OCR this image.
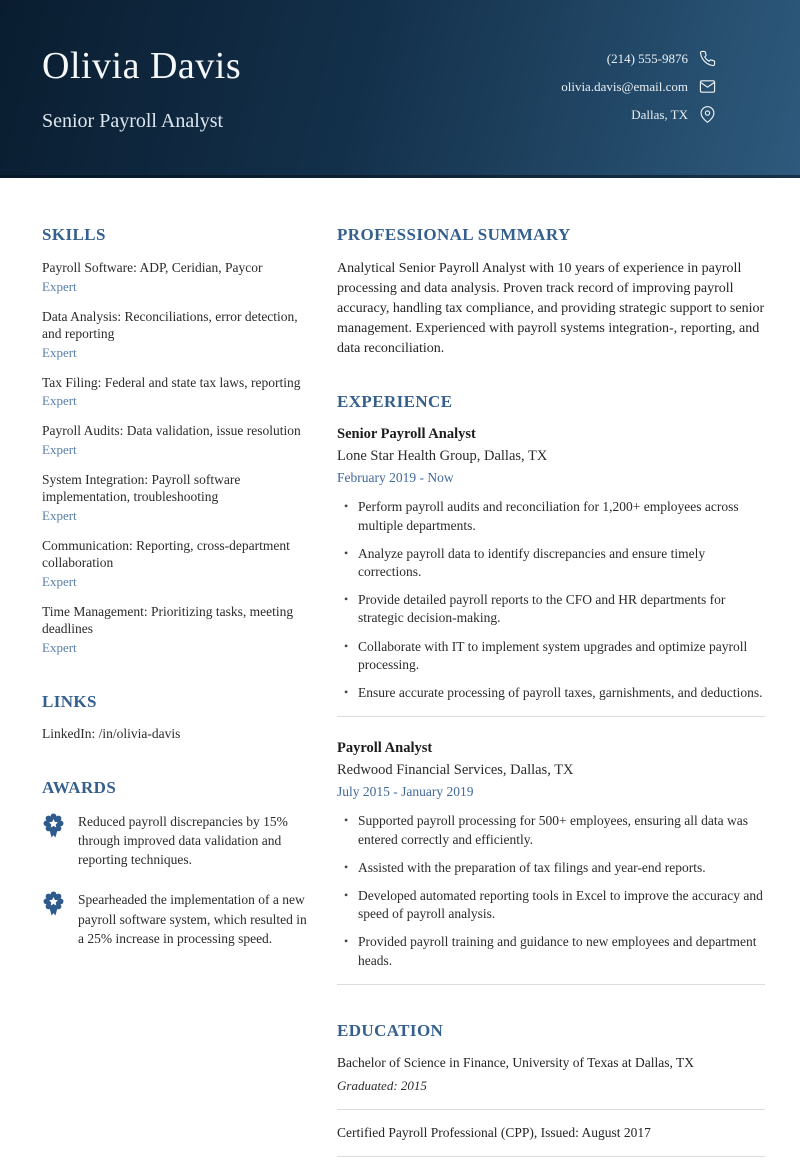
Olivia Davis
Senior Payroll Analyst
(214) 555-9876
olivia.davis@email.com
Dallas, TX
SKILLS
Payroll Software: ADP, Ceridian, Paycor
Expert
Data Analysis: Reconciliations, error detection, and reporting
Expert
Tax Filing: Federal and state tax laws, reporting
Expert
Payroll Audits: Data validation, issue resolution
Expert
System Integration: Payroll software implementation, troubleshooting
Expert
Communication: Reporting, cross-department collaboration
Expert
Time Management: Prioritizing tasks, meeting deadlines
Expert
LINKS
LinkedIn: /in/olivia-davis
AWARDS
Reduced payroll discrepancies by 15% through improved data validation and reporting techniques.
Spearheaded the implementation of a new payroll software system, which resulted in a 25% increase in processing speed.
PROFESSIONAL SUMMARY

Analytical Senior Payroll Analyst with 10 years of experience in payroll processing and data analysis. Proven track record of improving payroll accuracy, handling tax compliance, and providing strategic support to senior management. Experienced with payroll systems integration-, reporting, and data reconciliation.

EXPERIENCE
Senior Payroll Analyst
Lone Star Health Group, Dallas, TX
February 2019 - Now
• Perform payroll audits and reconciliation for 1,200+ employees across multiple departments.
• Analyze payroll data to identify discrepancies and ensure timely corrections.
• Provide detailed payroll reports to the CFO and HR departments for strategic decision-making.
• Collaborate with IT to implement system upgrades and optimize payroll processing.
• Ensure accurate processing of payroll taxes, garnishments, and deductions.
Payroll Analyst
Redwood Financial Services, Dallas, TX
July 2015 - January 2019
• Supported payroll processing for 500+ employees, ensuring all data was entered correctly and efficiently.
• Assisted with the preparation of tax filings and year-end reports.
• Developed automated reporting tools in Excel to improve the accuracy and speed of payroll analysis.
• Provided payroll training and guidance to new employees and department heads.
EDUCATION
Bachelor of Science in Finance, University of Texas at Dallas, TX
Graduated: 2015
Certified Payroll Professional (CPP), Issued: August 2017
